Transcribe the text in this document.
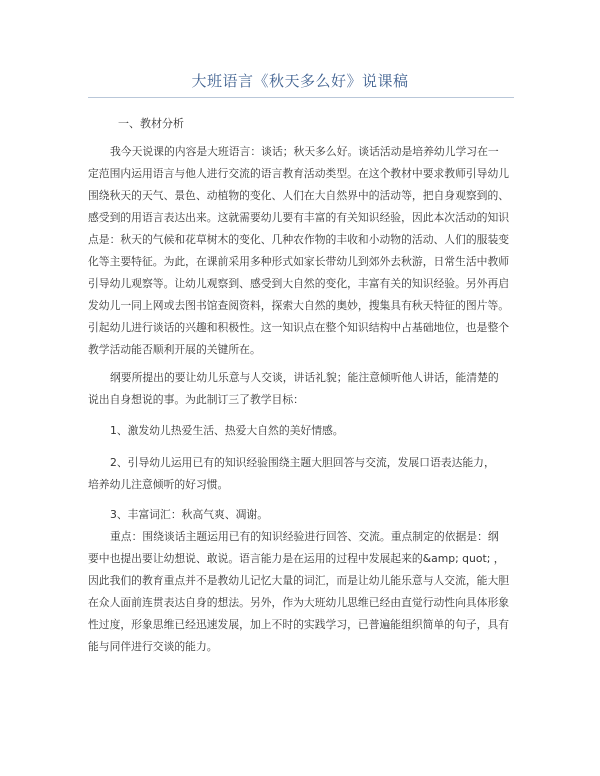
大班语言《秋天多么好》说课稿
一、教材分析
我今天说课的内容是大班语言：谈话；秋天多么好。谈话活动是培养幼儿学习在一
定范围内运用语言与他人进行交流的语言教育活动类型。在这个教材中要求教师引导幼儿
围绕秋天的天气、景色、动植物的变化、人们在大自然界中的活动等，把自身观察到的、
感受到的用语言表达出来。这就需要幼儿要有丰富的有关知识经验，因此本次活动的知识
点是：秋天的气候和花草树木的变化、几种农作物的丰收和小动物的活动、人们的服装变
化等主要特征。为此，在课前采用多种形式如家长带幼儿到郊外去秋游，日常生活中教师
引导幼儿观察等。让幼儿观察到、感受到大自然的变化，丰富有关的知识经验。另外再启
发幼儿一同上网或去图书馆查阅资料，探索大自然的奥妙，搜集具有秋天特征的图片等。
引起幼儿进行谈话的兴趣和积极性。这一知识点在整个知识结构中占基础地位，也是整个
教学活动能否顺利开展的关键所在。
纲要所提出的要让幼儿乐意与人交谈，讲话礼貌；能注意倾听他人讲话，能清楚的
说出自身想说的事。为此制订三了教学目标：
1、激发幼儿热爱生活、热爱大自然的美好情感。
2、引导幼儿运用已有的知识经验围绕主题大胆回答与交流，发展口语表达能力，
培养幼儿注意倾听的好习惯。
3、丰富词汇：秋高气爽、凋谢。
重点：围绕谈话主题运用已有的知识经验进行回答、交流。重点制定的依据是：纲
要中也提出要让幼想说、敢说。语言能力是在运用的过程中发展起来的&amp; quot; ，
因此我们的教育重点并不是教幼儿记忆大量的词汇，而是让幼儿能乐意与人交流，能大胆
在众人面前连贯表达自身的想法。另外，作为大班幼儿思维已经由直觉行动性向具体形象
性过度，形象思维已经迅速发展，加上不时的实践学习，已普遍能组织简单的句子，具有
能与同伴进行交谈的能力。
